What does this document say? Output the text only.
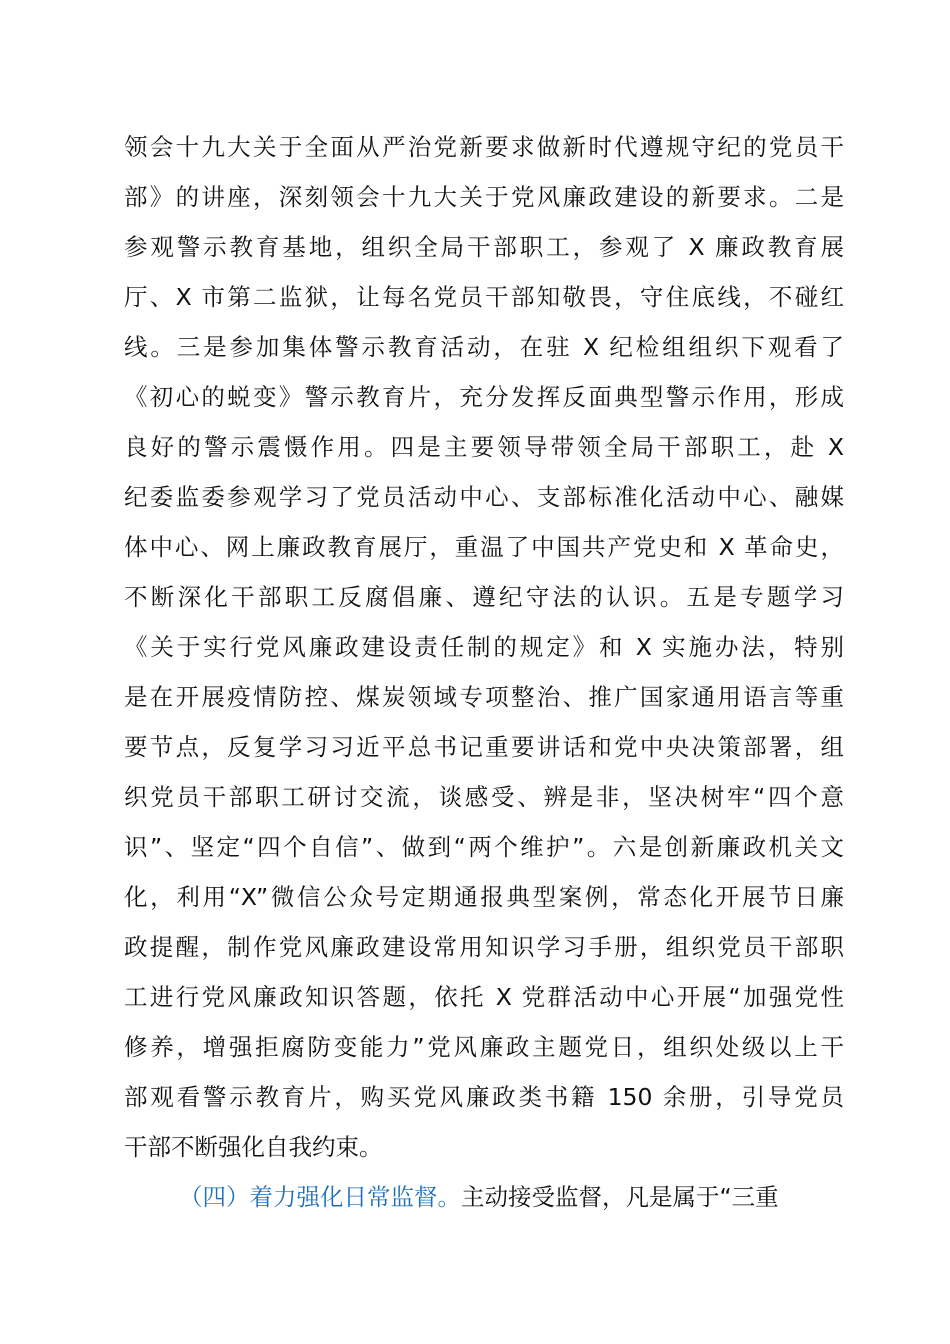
领会十九大关于全面从严治党新要求做新时代遵规守纪的党员干
部》的讲座，深刻领会十九大关于党风廉政建设的新要求。二是
参观警示教育基地，组织全局干部职工，参观了 X 廉政教育展
厅、X 市第二监狱，让每名党员干部知敬畏，守住底线，不碰红
线。三是参加集体警示教育活动，在驻 X 纪检组组织下观看了
《初心的蜕变》警示教育片，充分发挥反面典型警示作用，形成
良好的警示震慑作用。四是主要领导带领全局干部职工，赴 X
纪委监委参观学习了党员活动中心、支部标准化活动中心、融媒
体中心、网上廉政教育展厅，重温了中国共产党史和 X 革命史，
不断深化干部职工反腐倡廉、遵纪守法的认识。五是专题学习
《关于实行党风廉政建设责任制的规定》和 X 实施办法，特别
是在开展疫情防控、煤炭领域专项整治、推广国家通用语言等重
要节点，反复学习习近平总书记重要讲话和党中央决策部署，组
织党员干部职工研讨交流，谈感受、辨是非，坚决树牢“四个意
识”、坚定“四个自信”、做到“两个维护”。六是创新廉政机关文
化，利用“X”微信公众号定期通报典型案例，常态化开展节日廉
政提醒，制作党风廉政建设常用知识学习手册，组织党员干部职
工进行党风廉政知识答题，依托 X 党群活动中心开展“加强党性
修养，增强拒腐防变能力”党风廉政主题党日，组织处级以上干
部观看警示教育片，购买党风廉政类书籍 150 余册，引导党员
干部不断强化自我约束。
（四）着力强化日常监督。主动接受监督，凡是属于“三重
